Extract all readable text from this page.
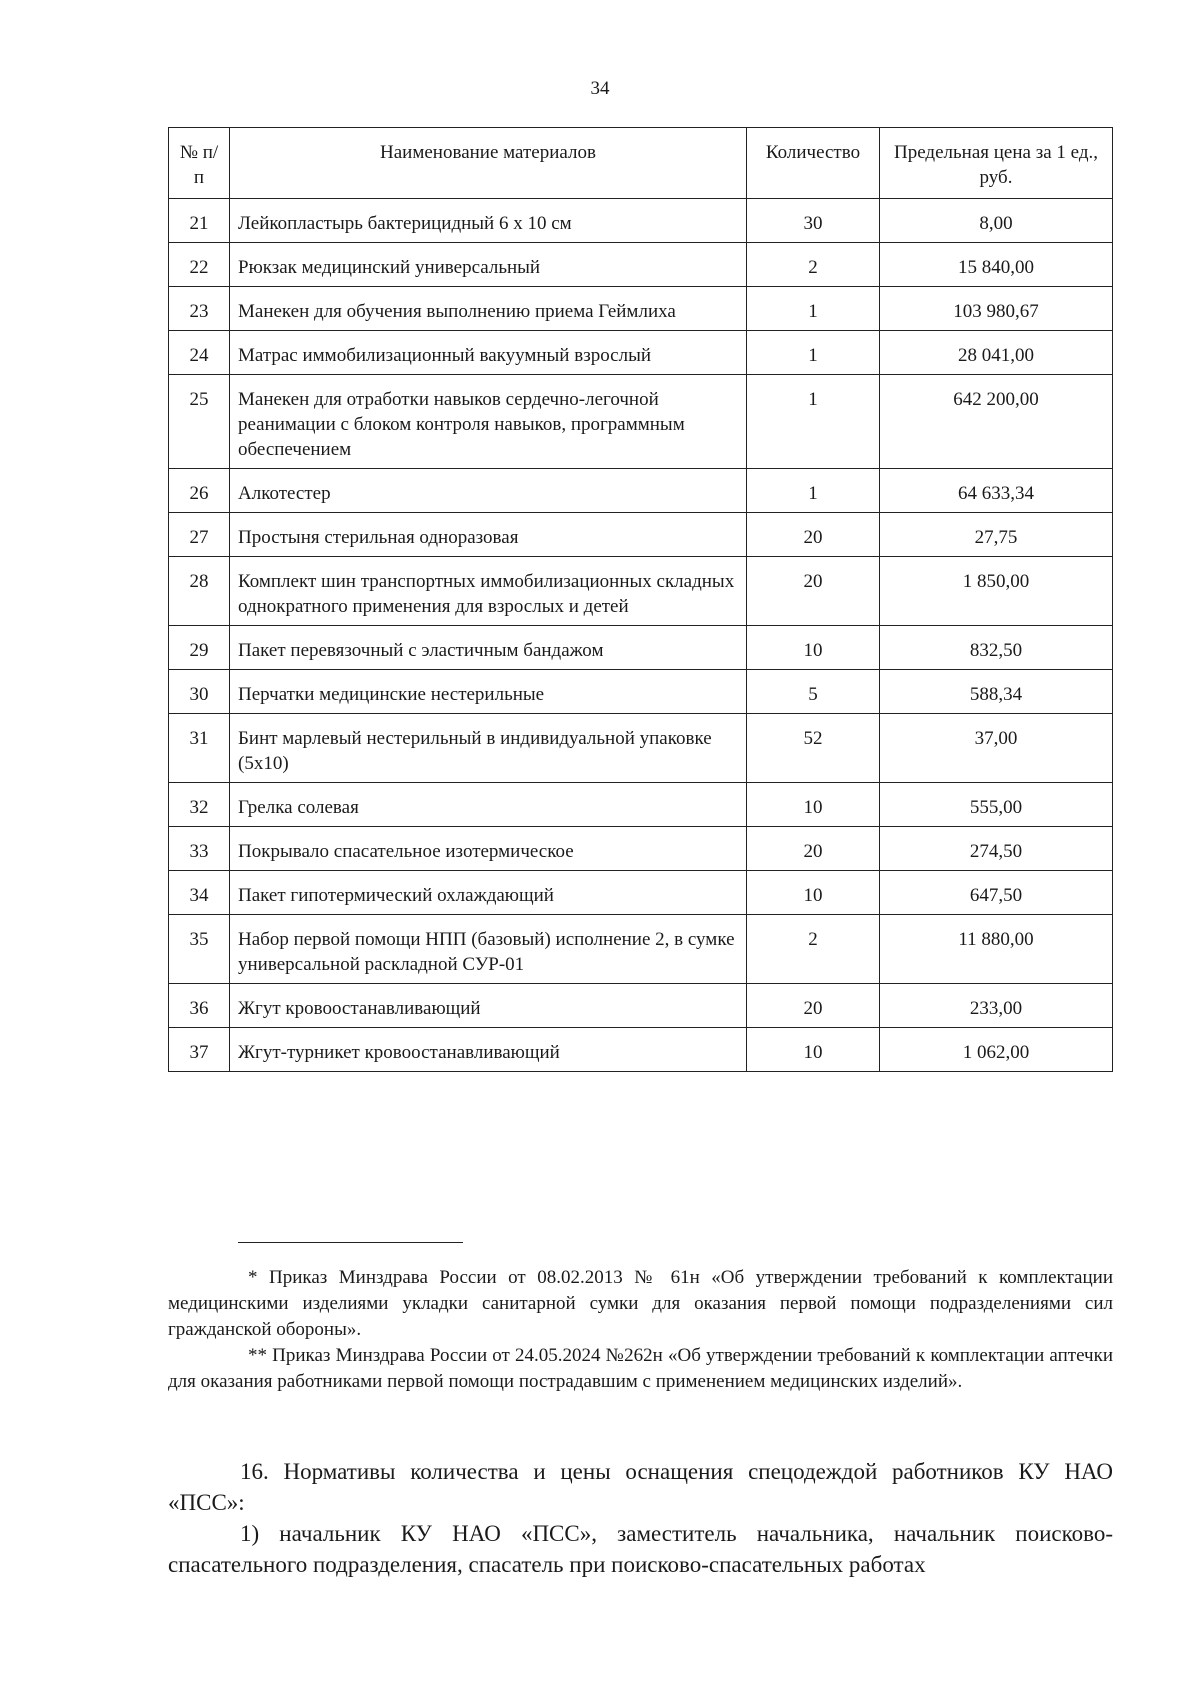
34
№ п/п	Наименование материалов	Количество	Предельная цена за 1 ед., руб.
21	Лейкопластырь бактерицидный 6 х 10 см	30	8,00
22	Рюкзак медицинский универсальный	2	15 840,00
23	Манекен для обучения выполнению приема Геймлиха	1	103 980,67
24	Матрас иммобилизационный вакуумный взрослый	1	28 041,00
25	Манекен для отработки навыков сердечно-легочной реанимации с блоком контроля навыков, программным обеспечением	1	642 200,00
26	Алкотестер	1	64 633,34
27	Простыня стерильная одноразовая	20	27,75
28	Комплект шин транспортных иммобилизационных складных однократного применения для взрослых и детей	20	1 850,00
29	Пакет перевязочный с эластичным бандажом	10	832,50
30	Перчатки медицинские нестерильные	5	588,34
31	Бинт марлевый нестерильный в индивидуальной упаковке (5х10)	52	37,00
32	Грелка солевая	10	555,00
33	Покрывало спасательное изотермическое	20	274,50
34	Пакет гипотермический охлаждающий	10	647,50
35	Набор первой помощи НПП (базовый) исполнение 2, в сумке универсальной раскладной СУР-01	2	11 880,00
36	Жгут кровоостанавливающий	20	233,00
37	Жгут-турникет кровоостанавливающий	10	1 062,00

* Приказ Минздрава России от 08.02.2013 № 61н «Об утверждении требований к комплектации медицинскими изделиями укладки санитарной сумки для оказания первой помощи подразделениями сил гражданской обороны».

** Приказ Минздрава России от 24.05.2024 №262н «Об утверждении требований к комплектации аптечки для оказания работниками первой помощи пострадавшим с применением медицинских изделий».

16. Нормативы количества и цены оснащения спецодеждой работников КУ НАО «ПСС»:

1) начальник КУ НАО «ПСС», заместитель начальника, начальник поисково-спасательного подразделения, спасатель при поисково-спасательных работах
